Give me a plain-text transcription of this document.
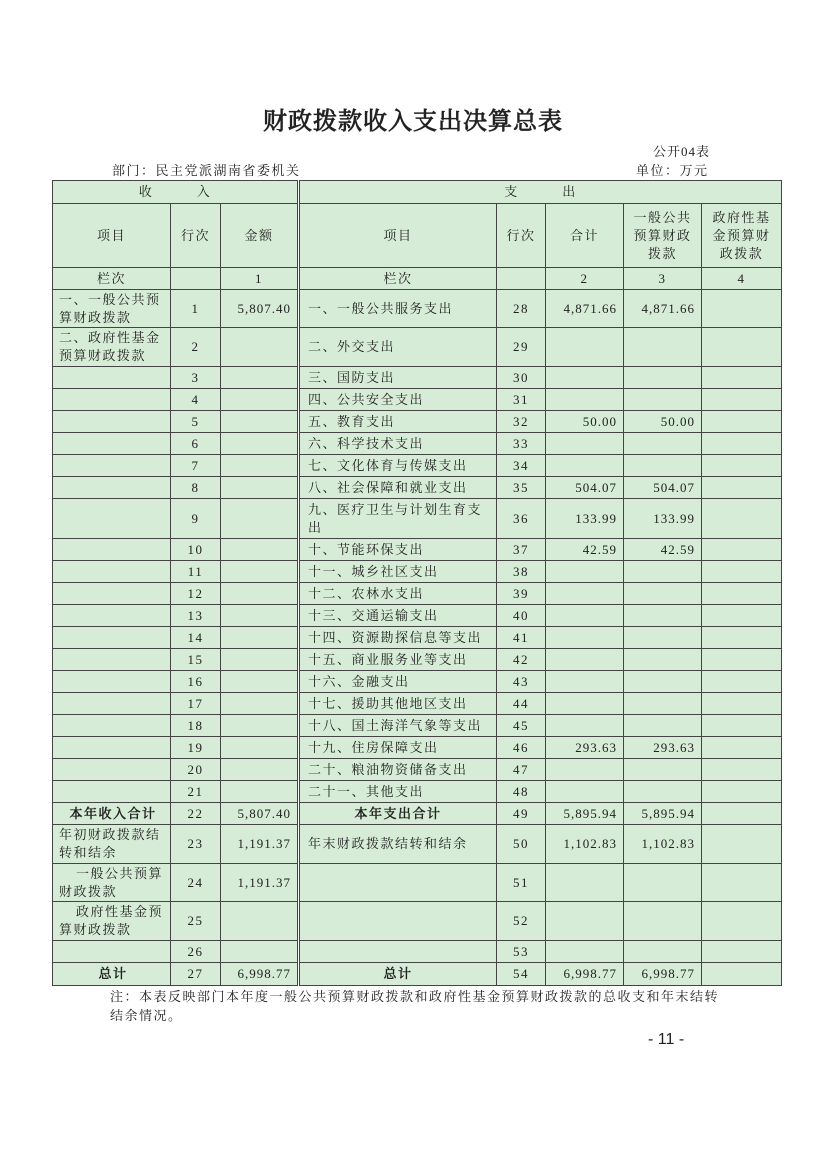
财政拨款收入支出决算总表
公开04表
部门：民主党派湖南省委机关	单位：万元
收　　　入			支　　　出				
项目	行次	金额	项目	行次	合计	一般公共预算财政拨款	政府性基金预算财政拨款
栏次		1	栏次		2	3	4
一、一般公共预算财政拨款	1	5,807.40	一、一般公共服务支出	28	4,871.66	4,871.66	
二、政府性基金预算财政拨款	2		二、外交支出	29			
	3		三、国防支出	30			
	4		四、公共安全支出	31			
	5		五、教育支出	32	50.00	50.00	
	6		六、科学技术支出	33			
	7		七、文化体育与传媒支出	34			
	8		八、社会保障和就业支出	35	504.07	504.07	
	9		九、医疗卫生与计划生育支出	36	133.99	133.99	
	10		十、节能环保支出	37	42.59	42.59	
	11		十一、城乡社区支出	38			
	12		十二、农林水支出	39			
	13		十三、交通运输支出	40			
	14		十四、资源勘探信息等支出	41			
	15		十五、商业服务业等支出	42			
	16		十六、金融支出	43			
	17		十七、援助其他地区支出	44			
	18		十八、国土海洋气象等支出	45			
	19		十九、住房保障支出	46	293.63	293.63	
	20		二十、粮油物资储备支出	47			
	21		二十一、其他支出	48			
本年收入合计	22	5,807.40	本年支出合计	49	5,895.94	5,895.94	
年初财政拨款结转和结余	23	1,191.37	年末财政拨款结转和结余	50	1,102.83	1,102.83	
一般公共预算财政拨款	24	1,191.37		51			
政府性基金预算财政拨款	25			52			
	26			53			
总计	27	6,998.77	总计	54	6,998.77	6,998.77	
注：本表反映部门本年度一般公共预算财政拨款和政府性基金预算财政拨款的总收支和年末结转结余情况。
- 11 -
